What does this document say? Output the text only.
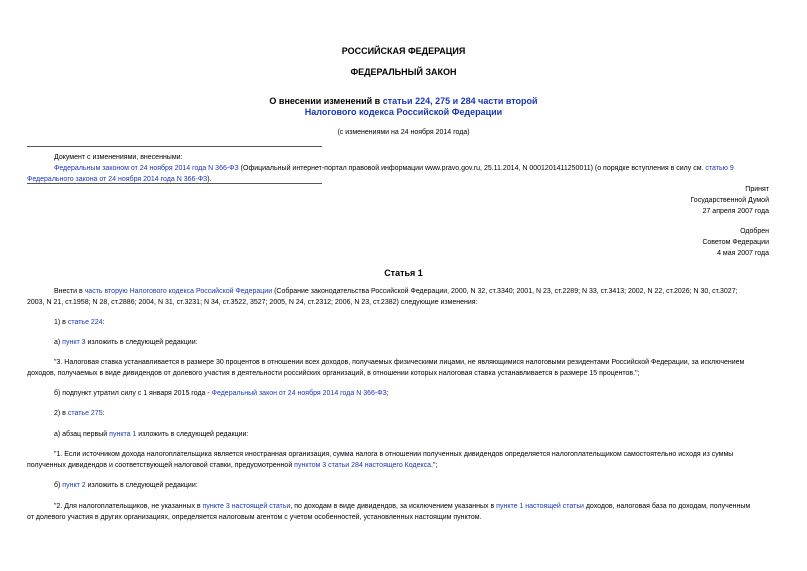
РОССИЙСКАЯ ФЕДЕРАЦИЯ
ФЕДЕРАЛЬНЫЙ ЗАКОН
О внесении изменений в статьи 224, 275 и 284 части второй
Налогового кодекса Российской Федерации
(с изменениями на 24 ноября 2014 года)
Документ с изменениями, внесенными:
Федеральным законом от 24 ноября 2014 года N 366-ФЗ (Официальный интернет-портал правовой информации www.pravo.gov.ru, 25.11.2014, N 0001201411250011) (о порядке вступления в силу см. статью 9
Федерального закона от 24 ноября 2014 года N 366-ФЗ).
Принят
Государственной Думой
27 апреля 2007 года
Одобрен
Советом Федерации
4 мая 2007 года
Статья 1
Внести в часть вторую Налогового кодекса Российской Федерации (Собрание законодательства Российской Федерации, 2000, N 32, ст.3340; 2001, N 23, ст.2289; N 33, ст.3413; 2002, N 22, ст.2026; N 30, ст.3027;
2003, N 21, ст.1958; N 28, ст.2886; 2004, N 31, ст.3231; N 34, ст.3522, 3527; 2005, N 24, ст.2312; 2006, N 23, ст.2382) следующие изменения:
1) в статье 224:
а) пункт 3 изложить в следующей редакции:
"3. Налоговая ставка устанавливается в размере 30 процентов в отношении всех доходов, получаемых физическими лицами, не являющимися налоговыми резидентами Российской Федерации, за исключением
доходов, получаемых в виде дивидендов от долевого участия в деятельности российских организаций, в отношении которых налоговая ставка устанавливается в размере 15 процентов.";
б) подпункт утратил силу с 1 января 2015 года - Федеральный закон от 24 ноября 2014 года N 366-ФЗ;
2) в статье 275:
а) абзац первый пункта 1 изложить в следующей редакции:
"1. Если источником дохода налогоплательщика является иностранная организация, сумма налога в отношении полученных дивидендов определяется налогоплательщиком самостоятельно исходя из суммы
полученных дивидендов и соответствующей налоговой ставки, предусмотренной пунктом 3 статьи 284 настоящего Кодекса.";
б) пункт 2 изложить в следующей редакции:
"2. Для налогоплательщиков, не указанных в пункте 3 настоящей статьи, по доходам в виде дивидендов, за исключением указанных в пункте 1 настоящей статьи доходов, налоговая база по доходам, полученным
от долевого участия в других организациях, определяется налоговым агентом с учетом особенностей, установленных настоящим пунктом.
